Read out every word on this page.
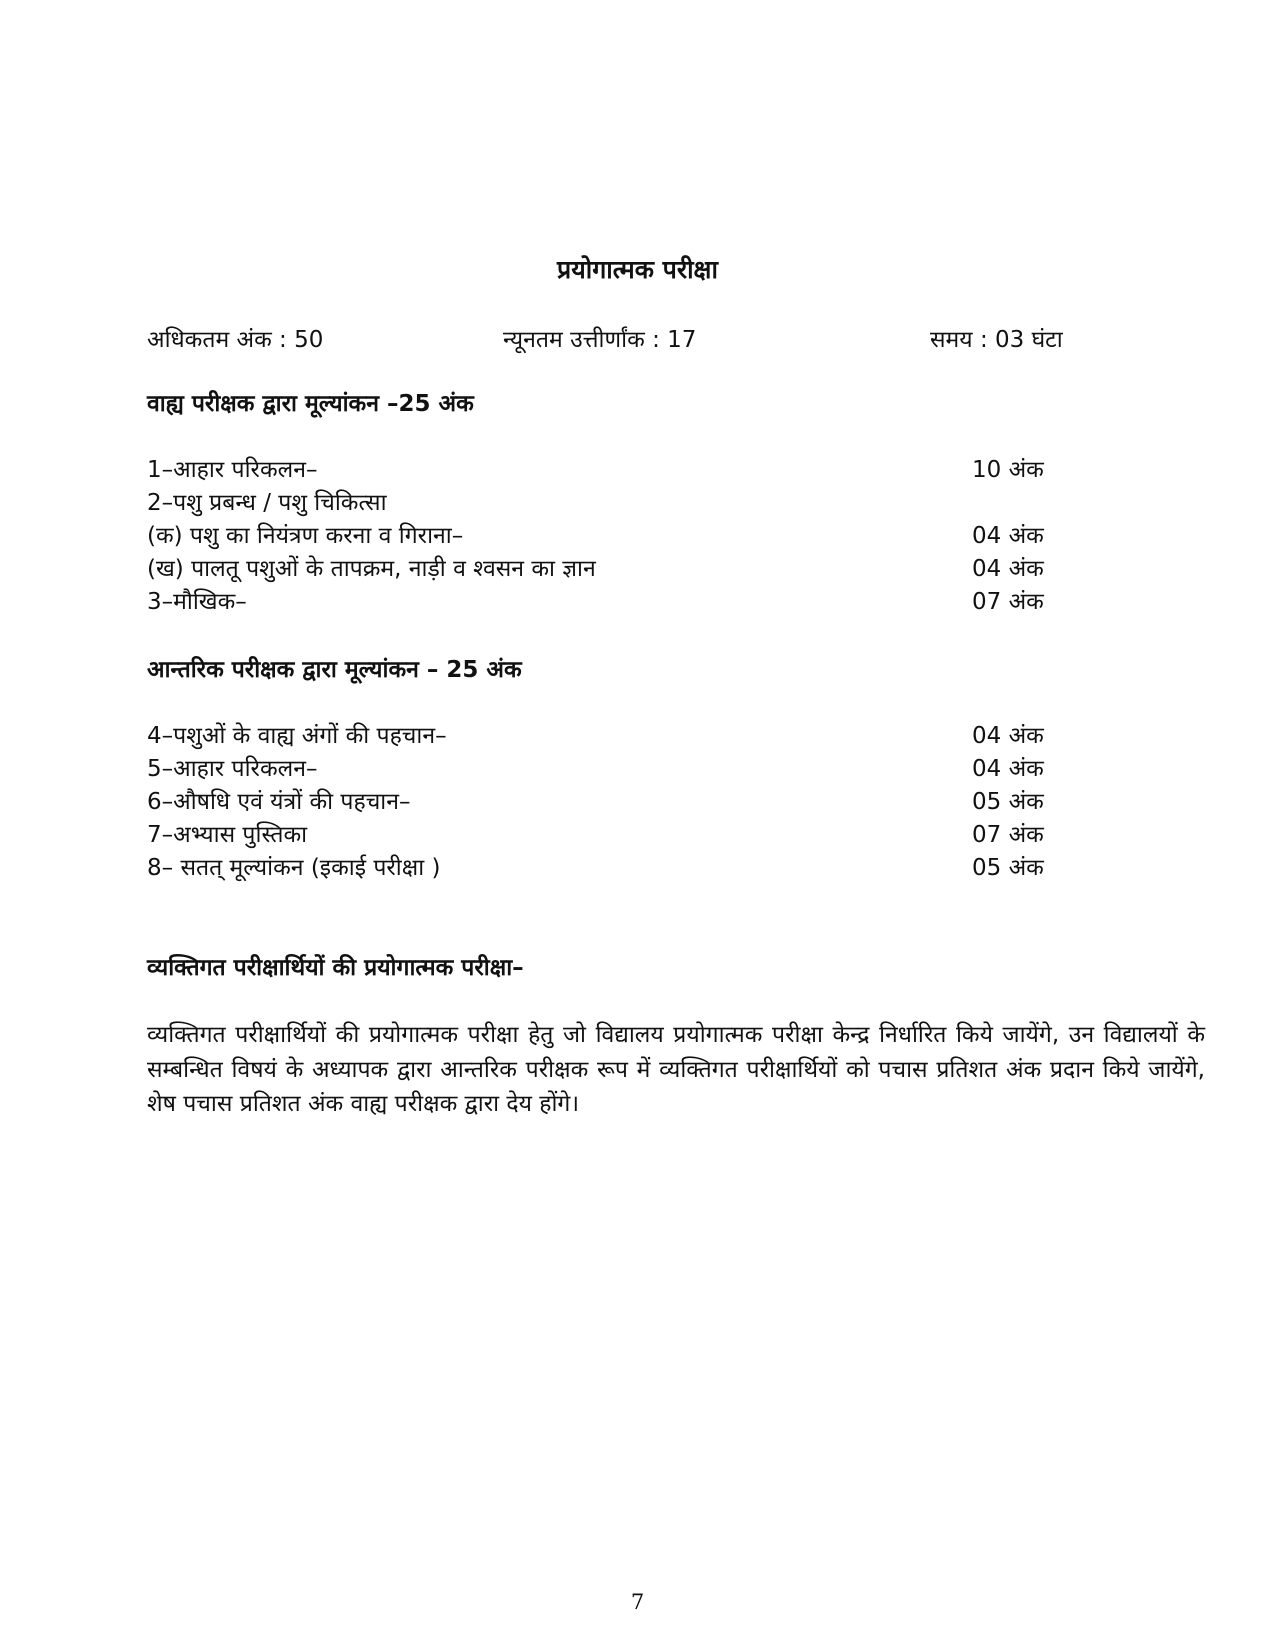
प्रयोगात्मक परीक्षा
अधिकतम अंक : 50	न्यूनतम उत्तीर्णांक : 17	समय : 03 घंटा
वाह्य परीक्षक द्वारा मूल्यांकन –25 अंक
1–आहार परिकलन–	10 अंक
2–पशु प्रबन्ध / पशु चिकित्सा
(क) पशु का नियंत्रण करना व गिराना–	04 अंक
(ख) पालतू पशुओं के तापक्रम, नाड़ी व श्वसन का ज्ञान	04 अंक
3–मौखिक–	07 अंक
आन्तरिक परीक्षक द्वारा मूल्यांकन – 25 अंक
4–पशुओं के वाह्य अंगों की पहचान–	04 अंक
5–आहार परिकलन–	04 अंक
6–औषधि एवं यंत्रों की पहचान–	05 अंक
7–अभ्यास पुस्तिका	07 अंक
8– सतत् मूल्यांकन (इकाई परीक्षा )	05 अंक
व्यक्तिगत परीक्षार्थियों की प्रयोगात्मक परीक्षा–
व्यक्तिगत परीक्षार्थियों की प्रयोगात्मक परीक्षा हेतु जो विद्यालय प्रयोगात्मक परीक्षा केन्द्र निर्धारित किये जायेंगे, उन विद्यालयों के सम्बन्धित विषयं के अध्यापक द्वारा आन्तरिक परीक्षक रूप में व्यक्तिगत परीक्षार्थियों को पचास प्रतिशत अंक प्रदान किये जायेंगे, शेष पचास प्रतिशत अंक वाह्य परीक्षक द्वारा देय होंगे।
7
